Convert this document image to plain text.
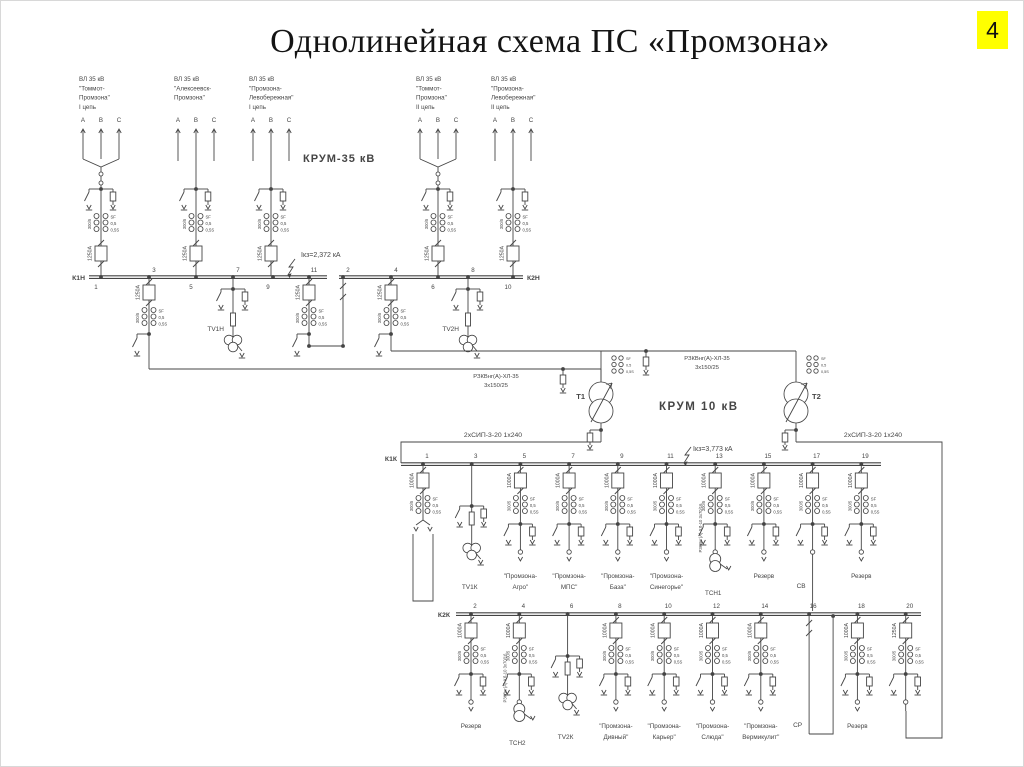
4
Однолинейная схема ПС «Промзона»
ВЛ 35 кВ
"Томмот-
Промзона"
I цепь
А В С
SF
0,5
0,5S
300/5
1250А
ВЛ 35 кВ
"Алексеевск-
Промзона"
А В С
SF
0,5
0,5S
300/5
1250А
ВЛ 35 кВ
"Промзона-
Левобережная"
I цепь
А В С
SF
0,5
0,5S
300/5
1250А
ВЛ 35 кВ
"Томмот-
Промзона"
II цепь
А В С
SF
0,5
0,5S
300/5
1250А
ВЛ 35 кВ
"Промзона-
Левобережная"
II цепь
А В С
SF
0,5
0,5S
300/5
1250А
1
3
5
7
9
11	2	4
6
8
10
К1Н	К2Н
КРУМ-35 кВ
Iкз=2,372 кА
1250А
SF
0,5
0,5S
300/5
1250А
SF
0,5
0,5S
300/5
1250А
SF
0,5
0,5S
300/5
TV1Н	TV2Н
РЗКВнг(А)-ХЛ-35
3х150/25
РЗКВнг(А)-ХЛ-35
3х150/25
Т1
SF
0,5
0,5S
Т2
SF
0,5
0,5S
2хСИП-3-20 1х240	2хСИП-3-20 1х240
К1К
К2К
КРУМ 10 кВ
Iкз=3,773 кА
1
1000А
SF
0,5
0,5S
300/5
3
TV1К
5
1000А
SF
0,5
0,5S
300/5
"Промзона-
Агро"
7
1000А
SF
0,5
0,5S
300/5
"Промзона-
МПС"
9
1000А
SF
0,5
0,5S
300/5
"Промзона-
База"
11
1000А
SF
0,5
0,5S
300/5
"Промзона-
Синегорье"
13
1000А
SF
0,5
0,5S
300/5
РЗКВнг(А)-ХЛ-10 3х70/16
ТСН1
15
1000А
SF
0,5
0,5S
300/5
Резерв
17
1000А
SF
0,5
0,5S
300/5
СВ
19
1000А
SF
0,5
0,5S
300/5
Резерв
2
1000А
SF
0,5
0,5S
300/5
Резерв
4
1000А
SF
0,5
0,5S
300/5
РЗКВнг(А)-ХЛ-10 3х70/16
ТСН2
6
TV2К
8
1000А
SF
0,5
0,5S
300/5
"Промзона-
Дивный"
10
1000А
SF
0,5
0,5S
300/5
"Промзона-
Карьер"
12
1000А
SF
0,5
0,5S
300/5
"Промзона-
Слюда"
14
1000А
SF
0,5
0,5S
300/5
"Промзона-
Вермикулит"
16
СР
18
1000А
SF
0,5
0,5S
300/5
Резерв
20
1250А
SF
0,5
0,5S
300/5
